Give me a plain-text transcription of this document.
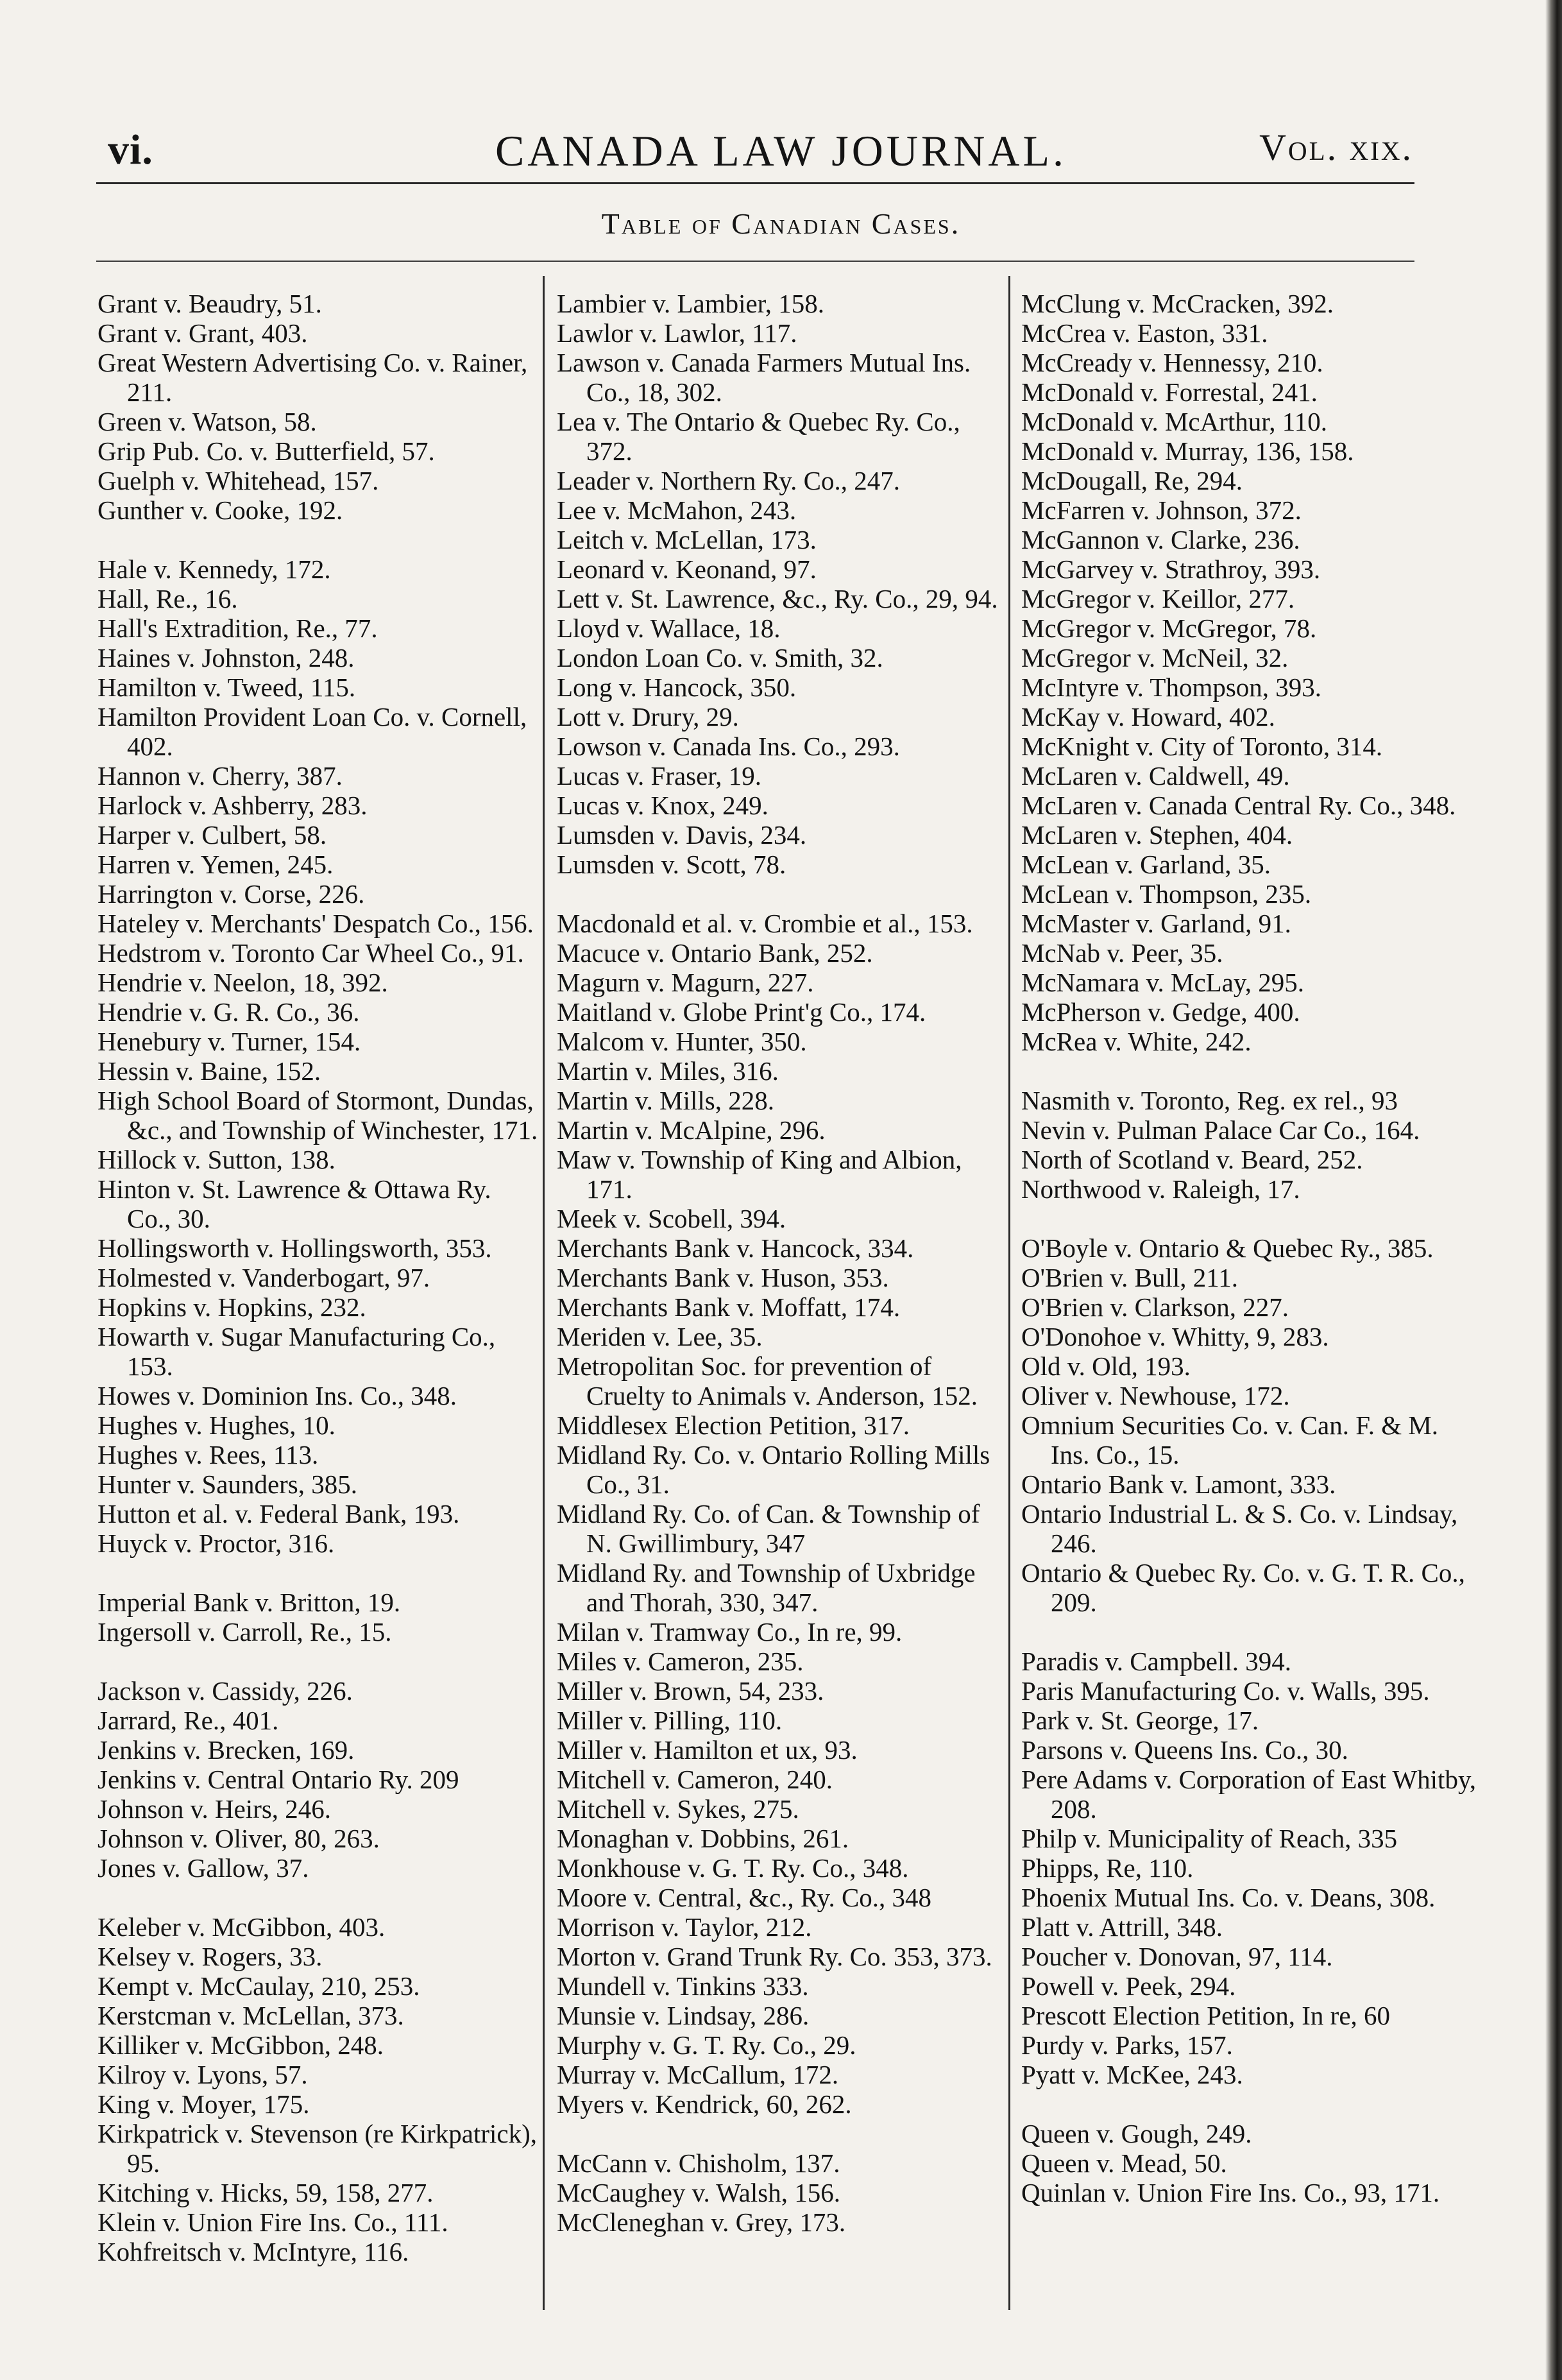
vi.	CANADA LAW JOURNAL.	Vol. xix.
Table of Canadian Cases.
Grant v. Beaudry, 51.
Grant v. Grant, 403.
Great Western Advertising Co. v. Rainer, 211.
Green v. Watson, 58.
Grip Pub. Co. v. Butterfield, 57.
Guelph v. Whitehead, 157.
Gunther v. Cooke, 192.
Hale v. Kennedy, 172.
Hall, Re., 16.
Hall's Extradition, Re., 77.
Haines v. Johnston, 248.
Hamilton v. Tweed, 115.
Hamilton Provident Loan Co. v. Cornell, 402.
Hannon v. Cherry, 387.
Harlock v. Ashberry, 283.
Harper v. Culbert, 58.
Harren v. Yemen, 245.
Harrington v. Corse, 226.
Hateley v. Merchants' Despatch Co., 156.
Hedstrom v. Toronto Car Wheel Co., 91.
Hendrie v. Neelon, 18, 392.
Hendrie v. G. R. Co., 36.
Henebury v. Turner, 154.
Hessin v. Baine, 152.
High School Board of Stormont, Dundas, &c., and Township of Winchester, 171.
Hillock v. Sutton, 138.
Hinton v. St. Lawrence & Ottawa Ry. Co., 30.
Hollingsworth v. Hollingsworth, 353.
Holmested v. Vanderbogart, 97.
Hopkins v. Hopkins, 232.
Howarth v. Sugar Manufacturing Co., 153.
Howes v. Dominion Ins. Co., 348.
Hughes v. Hughes, 10.
Hughes v. Rees, 113.
Hunter v. Saunders, 385.
Hutton et al. v. Federal Bank, 193.
Huyck v. Proctor, 316.
Imperial Bank v. Britton, 19.
Ingersoll v. Carroll, Re., 15.
Jackson v. Cassidy, 226.
Jarrard, Re., 401.
Jenkins v. Brecken, 169.
Jenkins v. Central Ontario Ry. 209
Johnson v. Heirs, 246.
Johnson v. Oliver, 80, 263.
Jones v. Gallow, 37.
Keleber v. McGibbon, 403.
Kelsey v. Rogers, 33.
Kempt v. McCaulay, 210, 253.
Kerstcman v. McLellan, 373.
Killiker v. McGibbon, 248.
Kilroy v. Lyons, 57.
King v. Moyer, 175.
Kirkpatrick v. Stevenson (re Kirkpatrick), 95.
Kitching v. Hicks, 59, 158, 277.
Klein v. Union Fire Ins. Co., 111.
Kohfreitsch v. McIntyre, 116.
Lambier v. Lambier, 158.
Lawlor v. Lawlor, 117.
Lawson v. Canada Farmers Mutual Ins. Co., 18, 302.
Lea v. The Ontario & Quebec Ry. Co., 372.
Leader v. Northern Ry. Co., 247.
Lee v. McMahon, 243.
Leitch v. McLellan, 173.
Leonard v. Keonand, 97.
Lett v. St. Lawrence, &c., Ry. Co., 29, 94.
Lloyd v. Wallace, 18.
London Loan Co. v. Smith, 32.
Long v. Hancock, 350.
Lott v. Drury, 29.
Lowson v. Canada Ins. Co., 293.
Lucas v. Fraser, 19.
Lucas v. Knox, 249.
Lumsden v. Davis, 234.
Lumsden v. Scott, 78.
Macdonald et al. v. Crombie et al., 153.
Macuce v. Ontario Bank, 252.
Magurn v. Magurn, 227.
Maitland v. Globe Print'g Co., 174.
Malcom v. Hunter, 350.
Martin v. Miles, 316.
Martin v. Mills, 228.
Martin v. McAlpine, 296.
Maw v. Township of King and Albion, 171.
Meek v. Scobell, 394.
Merchants Bank v. Hancock, 334.
Merchants Bank v. Huson, 353.
Merchants Bank v. Moffatt, 174.
Meriden v. Lee, 35.
Metropolitan Soc. for prevention of Cruelty to Animals v. Anderson, 152.
Middlesex Election Petition, 317.
Midland Ry. Co. v. Ontario Rolling Mills Co., 31.
Midland Ry. Co. of Can. & Township of N. Gwillimbury, 347
Midland Ry. and Township of Uxbridge and Thorah, 330, 347.
Milan v. Tramway Co., In re, 99.
Miles v. Cameron, 235.
Miller v. Brown, 54, 233.
Miller v. Pilling, 110.
Miller v. Hamilton et ux, 93.
Mitchell v. Cameron, 240.
Mitchell v. Sykes, 275.
Monaghan v. Dobbins, 261.
Monkhouse v. G. T. Ry. Co., 348.
Moore v. Central, &c., Ry. Co., 348
Morrison v. Taylor, 212.
Morton v. Grand Trunk Ry. Co. 353, 373.
Mundell v. Tinkins 333.
Munsie v. Lindsay, 286.
Murphy v. G. T. Ry. Co., 29.
Murray v. McCallum, 172.
Myers v. Kendrick, 60, 262.
McCann v. Chisholm, 137.
McCaughey v. Walsh, 156.
McCleneghan v. Grey, 173.
McClung v. McCracken, 392.
McCrea v. Easton, 331.
McCready v. Hennessy, 210.
McDonald v. Forrestal, 241.
McDonald v. McArthur, 110.
McDonald v. Murray, 136, 158.
McDougall, Re, 294.
McFarren v. Johnson, 372.
McGannon v. Clarke, 236.
McGarvey v. Strathroy, 393.
McGregor v. Keillor, 277.
McGregor v. McGregor, 78.
McGregor v. McNeil, 32.
McIntyre v. Thompson, 393.
McKay v. Howard, 402.
McKnight v. City of Toronto, 314.
McLaren v. Caldwell, 49.
McLaren v. Canada Central Ry. Co., 348.
McLaren v. Stephen, 404.
McLean v. Garland, 35.
McLean v. Thompson, 235.
McMaster v. Garland, 91.
McNab v. Peer, 35.
McNamara v. McLay, 295.
McPherson v. Gedge, 400.
McRea v. White, 242.
Nasmith v. Toronto, Reg. ex rel., 93
Nevin v. Pulman Palace Car Co., 164.
North of Scotland v. Beard, 252.
Northwood v. Raleigh, 17.
O'Boyle v. Ontario & Quebec Ry., 385.
O'Brien v. Bull, 211.
O'Brien v. Clarkson, 227.
O'Donohoe v. Whitty, 9, 283.
Old v. Old, 193.
Oliver v. Newhouse, 172.
Omnium Securities Co. v. Can. F. & M. Ins. Co., 15.
Ontario Bank v. Lamont, 333.
Ontario Industrial L. & S. Co. v. Lindsay, 246.
Ontario & Quebec Ry. Co. v. G. T. R. Co., 209.
Paradis v. Campbell. 394.
Paris Manufacturing Co. v. Walls, 395.
Park v. St. George, 17.
Parsons v. Queens Ins. Co., 30.
Pere Adams v. Corporation of East Whitby, 208.
Philp v. Municipality of Reach, 335
Phipps, Re, 110.
Phoenix Mutual Ins. Co. v. Deans, 308.
Platt v. Attrill, 348.
Poucher v. Donovan, 97, 114.
Powell v. Peek, 294.
Prescott Election Petition, In re, 60
Purdy v. Parks, 157.
Pyatt v. McKee, 243.
Queen v. Gough, 249.
Queen v. Mead, 50.
Quinlan v. Union Fire Ins. Co., 93, 171.
